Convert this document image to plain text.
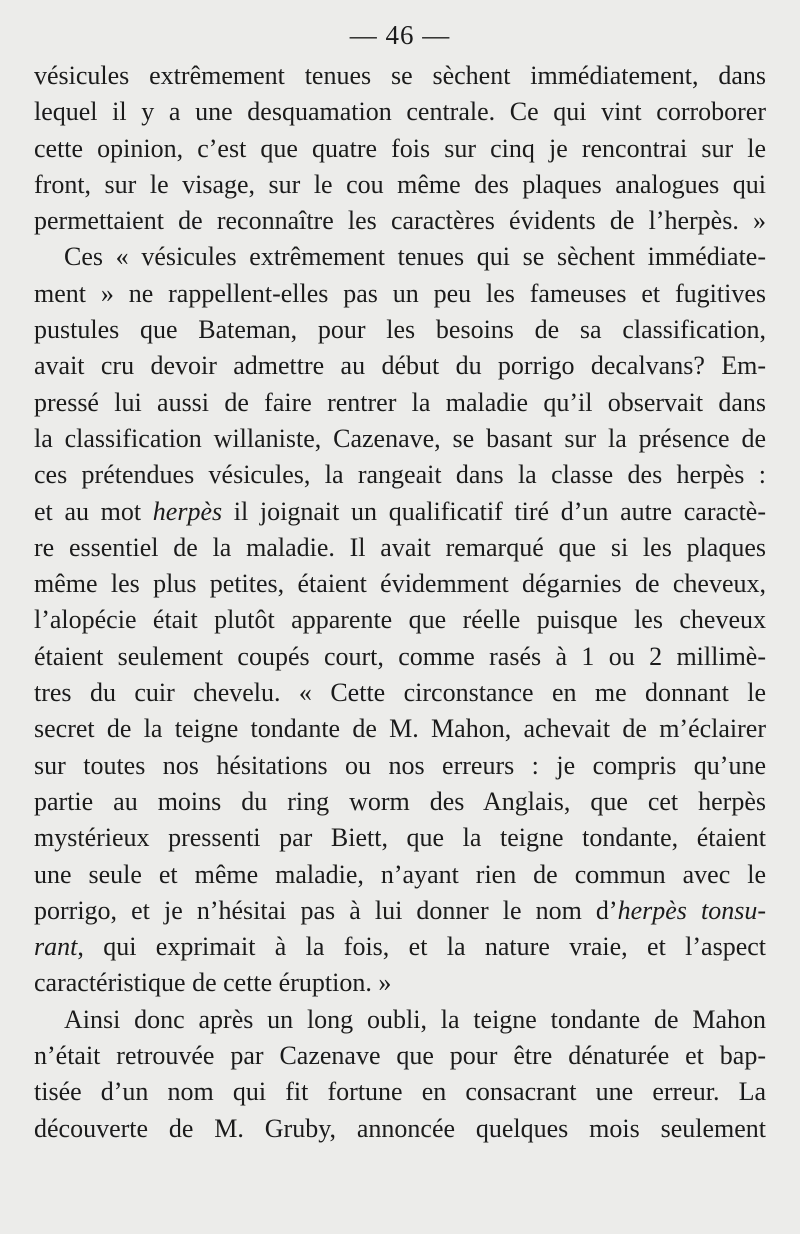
— 46 —
vésicules extrêmement tenues se sèchent immédiatement, dans
lequel il y a une desquamation centrale. Ce qui vint corroborer
cette opinion, c’est que quatre fois sur cinq je rencontrai sur le
front, sur le visage, sur le cou même des plaques analogues qui
permettaient de reconnaître les caractères évidents de l’herpès. »
Ces « vésicules extrêmement tenues qui se sèchent immédiate-
ment » ne rappellent-elles pas un peu les fameuses et fugitives
pustules que Bateman, pour les besoins de sa classification,
avait cru devoir admettre au début du porrigo decalvans? Em-
pressé lui aussi de faire rentrer la maladie qu’il observait dans
la classification willaniste, Cazenave, se basant sur la présence de
ces prétendues vésicules, la rangeait dans la classe des herpès :
et au mot herpès il joignait un qualificatif tiré d’un autre caractè-
re essentiel de la maladie. Il avait remarqué que si les plaques
même les plus petites, étaient évidemment dégarnies de cheveux,
l’alopécie était plutôt apparente que réelle puisque les cheveux
étaient seulement coupés court, comme rasés à 1 ou 2 millimè-
tres du cuir chevelu. « Cette circonstance en me donnant le
secret de la teigne tondante de M. Mahon, achevait de m’éclairer
sur toutes nos hésitations ou nos erreurs : je compris qu’une
partie au moins du ring worm des Anglais, que cet herpès
mystérieux pressenti par Biett, que la teigne tondante, étaient
une seule et même maladie, n’ayant rien de commun avec le
porrigo, et je n’hésitai pas à lui donner le nom d’herpès tonsu-
rant, qui exprimait à la fois, et la nature vraie, et l’aspect
caractéristique de cette éruption. »
Ainsi donc après un long oubli, la teigne tondante de Mahon
n’était retrouvée par Cazenave que pour être dénaturée et bap-
tisée d’un nom qui fit fortune en consacrant une erreur. La
découverte de M. Gruby, annoncée quelques mois seulement
